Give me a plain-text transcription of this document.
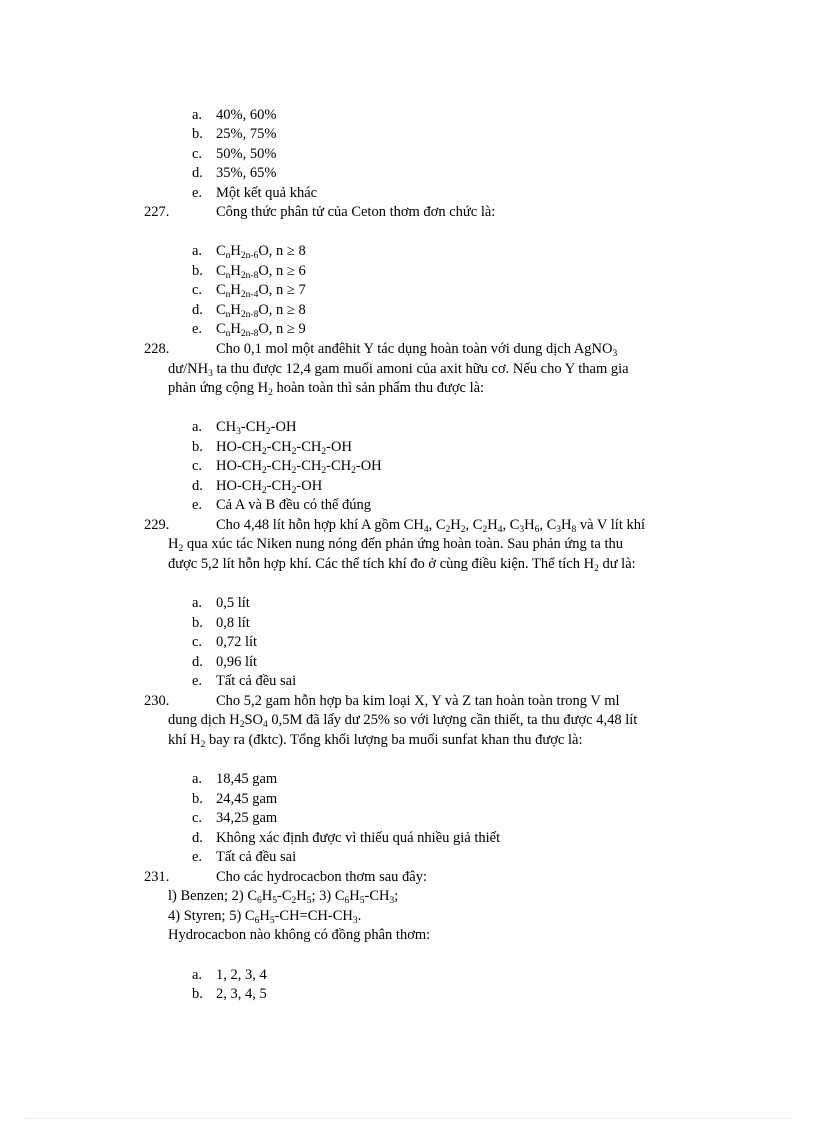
a. 40%, 60%
b. 25%, 75%
c. 50%, 50%
d. 35%, 65%
e. Một kết quả khác
227.	Công thức phân tử của Ceton thơm đơn chức là:
a. $C_nH_{2n-6}O$, n ≥ 8
b. $C_nH_{2n-8}O$, n ≥ 6
c. $C_nH_{2n-4}O$, n ≥ 7
d. $C_nH_{2n-8}O$, n ≥ 8
e. $C_nH_{2n-8}O$, n ≥ 9
228.	Cho 0,1 mol một anđêhit Y tác dụng hoàn toàn với dung dịch AgNO$_3$
$dư/NH_3$ ta thu được 12,4 gam muối amoni của axit hữu cơ. Nếu cho Y tham gia
phản ứng cộng $H_2$ hoàn toàn thì sản phẩm thu được là:
a. $CH_3-CH_2-OH$
b. $HO-CH_2-CH_2-CH_2-OH$
c. $HO-CH_2-CH_2-CH_2-CH_2-OH$
d. $HO-CH_2-CH_2-OH$
e. Cả A và B đều có thể đúng
229.	Cho 4,48 lít hỗn hợp khí A gồm $CH_4$, $C_2H_2$, $C_2H_4$, $C_3H_6$, $C_3H_8$ và V lít khí
$H_2$ qua xúc tác Niken nung nóng đến phản ứng hoàn toàn. Sau phản ứng ta thu
được 5,2 lít hỗn hợp khí. Các thể tích khí đo ở cùng điều kiện. Thể tích $H_2$ dư là:
a. 0,5 lít
b. 0,8 lít
c. 0,72 lít
d. 0,96 lít
e. Tất cả đều sai
230.	Cho 5,2 gam hỗn hợp ba kim loại X, Y và Z tan hoàn toàn trong V ml
dung dịch $H_2SO_4$ 0,5M đã lấy dư 25% so với lượng cần thiết, ta thu được 4,48 lít
khí $H_2$ bay ra (đktc). Tổng khối lượng ba muối sunfat khan thu được là:
a. 18,45 gam
b. 24,45 gam
c. 34,25 gam
d. Không xác định được vì thiếu quá nhiều giả thiết
e. Tất cả đều sai
231.	Cho các hydrocacbon thơm sau đây:
l) Benzen; 2) $C_6H_5-C_2H_5$; 3) $C_6H_5-CH_3$;
4) Styren; 5) $C_6H_5-CH=CH-CH_3$.
Hydrocacbon nào không có đồng phân thơm:
a. 1, 2, 3, 4
b. 2, 3, 4, 5
